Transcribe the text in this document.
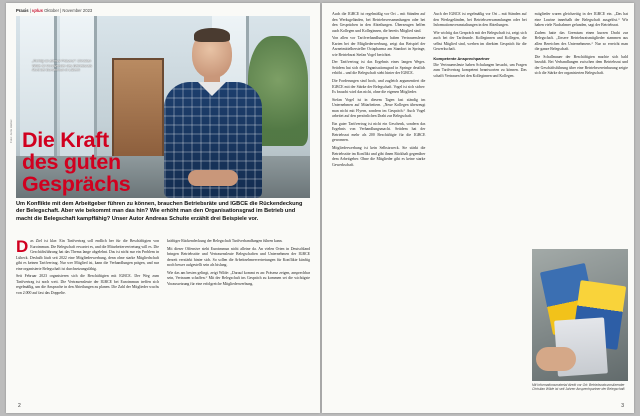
Praxis | vplus Oktober | November 2023
„Richtig ist allemal Präsenz“: Christian Wilde ist Vorsitzender des Betriebsrats Nord bei Euroimmun in Lübeck
Foto: Jens Hieber Die Kraft
des guten
Gesprächs

Um Konflikte mit dem Arbeitgeber führen zu können, brauchen Betriebsräte und IGBCE die Rückendeckung der Belegschaft. Aber wie bekommt man das hin? Wie erhöht man den Organisationsgrad im Betrieb und macht die Belegschaft kampffähig? Unser Autor Andreas Schulte erzählt drei Beispiele vor.

D as Ziel ist klar: Ein Tarifvertrag soll endlich her für die Beschäftigten von Euroimmun. Die Belegschaft erwartet es, und die Mitarbeitervertretung will es. Die Geschäftsführung hat das Thema lange abgelehnt. Das ist nicht nur ein Problem in Lübeck. Deshalb läuft seit 2022 eine Mitgliederwerbung, denn ohne starke Mitgliedschaft gibt es keinen Tarifvertrag. Nur wer Mitglied ist, kann die Verhandlungen prägen, und nur eine organisierte Belegschaft ist durchsetzungsfähig.

Seit Februar 2023 organisieren sich die Beschäftigten mit IGBCE. Der Weg zum Tarifvertrag ist noch weit. Die Vertrauensleute der IGBCE bei Euroimmun treffen sich regelmäßig, um die Ansprache in den Abteilungen zu planen. Die Zahl der Mitglieder wuchs von 2.000 auf fast das Doppelte.

kräftiger Rückendeckung der Belegschaft Tarifverhandlungen führen kann.

Mit dieser Offensive steht Euroimmun nicht alleine da. An vielen Orten in Deutschland bringen Betriebsräte und Vertrauensleute Belegschaften und Unternehmen der IGBCE derzeit verstärkt hinter sich. So sollen die Arbeitnehmervertretungen für Konflikte künftig noch besser aufgestellt sein als bislang.

Wie das am besten gelingt, zeigt Wilde: „Darauf kommt es an: Präsenz zeigen, ansprechbar sein, Vertrauen schaffen.“ Mit der Belegschaft ins Gespräch zu kommen sei die wichtigste Voraussetzung für eine erfolgreiche Mitgliederwerbung.

2

Auch die IGBCE ist regelmäßig vor Ort – mit Ständen auf den Werksgeländen, bei Betriebsversammlungen oder bei den Gesprächen in den Abteilungen. Überzeugen helfen auch Kollegen und Kolleginnen, die bereits Mitglied sind.

Von allen vor Tarifverhandlungen haben Vertrauensleute Karten bei der Mitgliederwerbung, zeigt das Beispiel der Arzneimittelhersteller Octapharma am Standort in Springe, wie Betriebsrat Stefan Vogel berichtet.

Der Tarifvertrag ist das Ergebnis eines langen Weges. Seitdem hat sich der Organisationsgrad in Springe deutlich erhöht – und die Belegschaft steht hinter der IGBCE.

Die Forderungen sind hoch, und zugleich argumentiert die IGBCE mit der Stärke der Belegschaft. Vogel ist sich sicher: Es braucht wird das nicht, ohne die eigenen Mitglieder.

Stefan Vogel ist in diesem Tagen fast ständig im Unternehmen auf Mitarbeitern. „Neue Kollegen überzeugt man nicht mit Flyern, sondern im Gespräch.“ Auch Vogel arbeitet auf den persönlichen Draht zur Belegschaft.

Ein guter Tarifvertrag ist nicht ein Geschenk, sondern das Ergebnis von Verhandlungsmacht. Seitdem hat der Betriebsrat mehr als 200 Beschäftigte für die IGBCE gewonnen.

Mitgliederwerbung ist kein Selbstzweck. Sie stärkt die Betriebsräte im Konflikt und gibt ihnen Rückhalt gegenüber dem Arbeitgeber. Ohne die Mitglieder gibt es keine starke Gewerkschaft.

Auch der IGBCE ist regelmäßig vor Ort – mit Ständen auf den Werksgeländen, bei Betriebsversammlungen oder bei Informationsveranstaltungen in den Abteilungen.

Wie wichtig das Gespräch mit der Belegschaft ist, zeigt sich auch bei der Tarifrunde. Kolleginnen und Kollegen, die selbst Mitglied sind, werben im direkten Gespräch für die Gewerkschaft.

Kompetente Ansprechpartner

Die Vertrauensleute haben Schulungen besucht, um Fragen zum Tarifvertrag kompetent beantworten zu können. Das schafft Vertrauen bei den Kolleginnen und Kollegen.

mitglieder waren gleichzeitig in der IGBCE ein. „Das hat eine Lawine innerhalb der Belegschaft ausgelöst.“ Wir haben viele Nachahmer gefunden, sagt der Betriebsrat.

Zudem hatte das Gremium einen kurzen Draht zur Belegschaft. „Unsere Betriebsratsmitglieder stammen aus allen Bereichen des Unternehmens.“ Nur so erreicht man die ganze Belegschaft.

Die Schallmauer der Beschäftigten machte sich bald bezahlt. Bei Verhandlungen zwischen dem Betriebsrat und der Geschäftsführung über eine Betriebsvereinbarung zeigte sich die Stärke der organisierten Belegschaft.

Mit Informationsmaterial direkt vor Ort: Betriebsratsvorsitzender Christian Wilde ist seit Jahren Ansprechpartner der Belegschaft.
3
